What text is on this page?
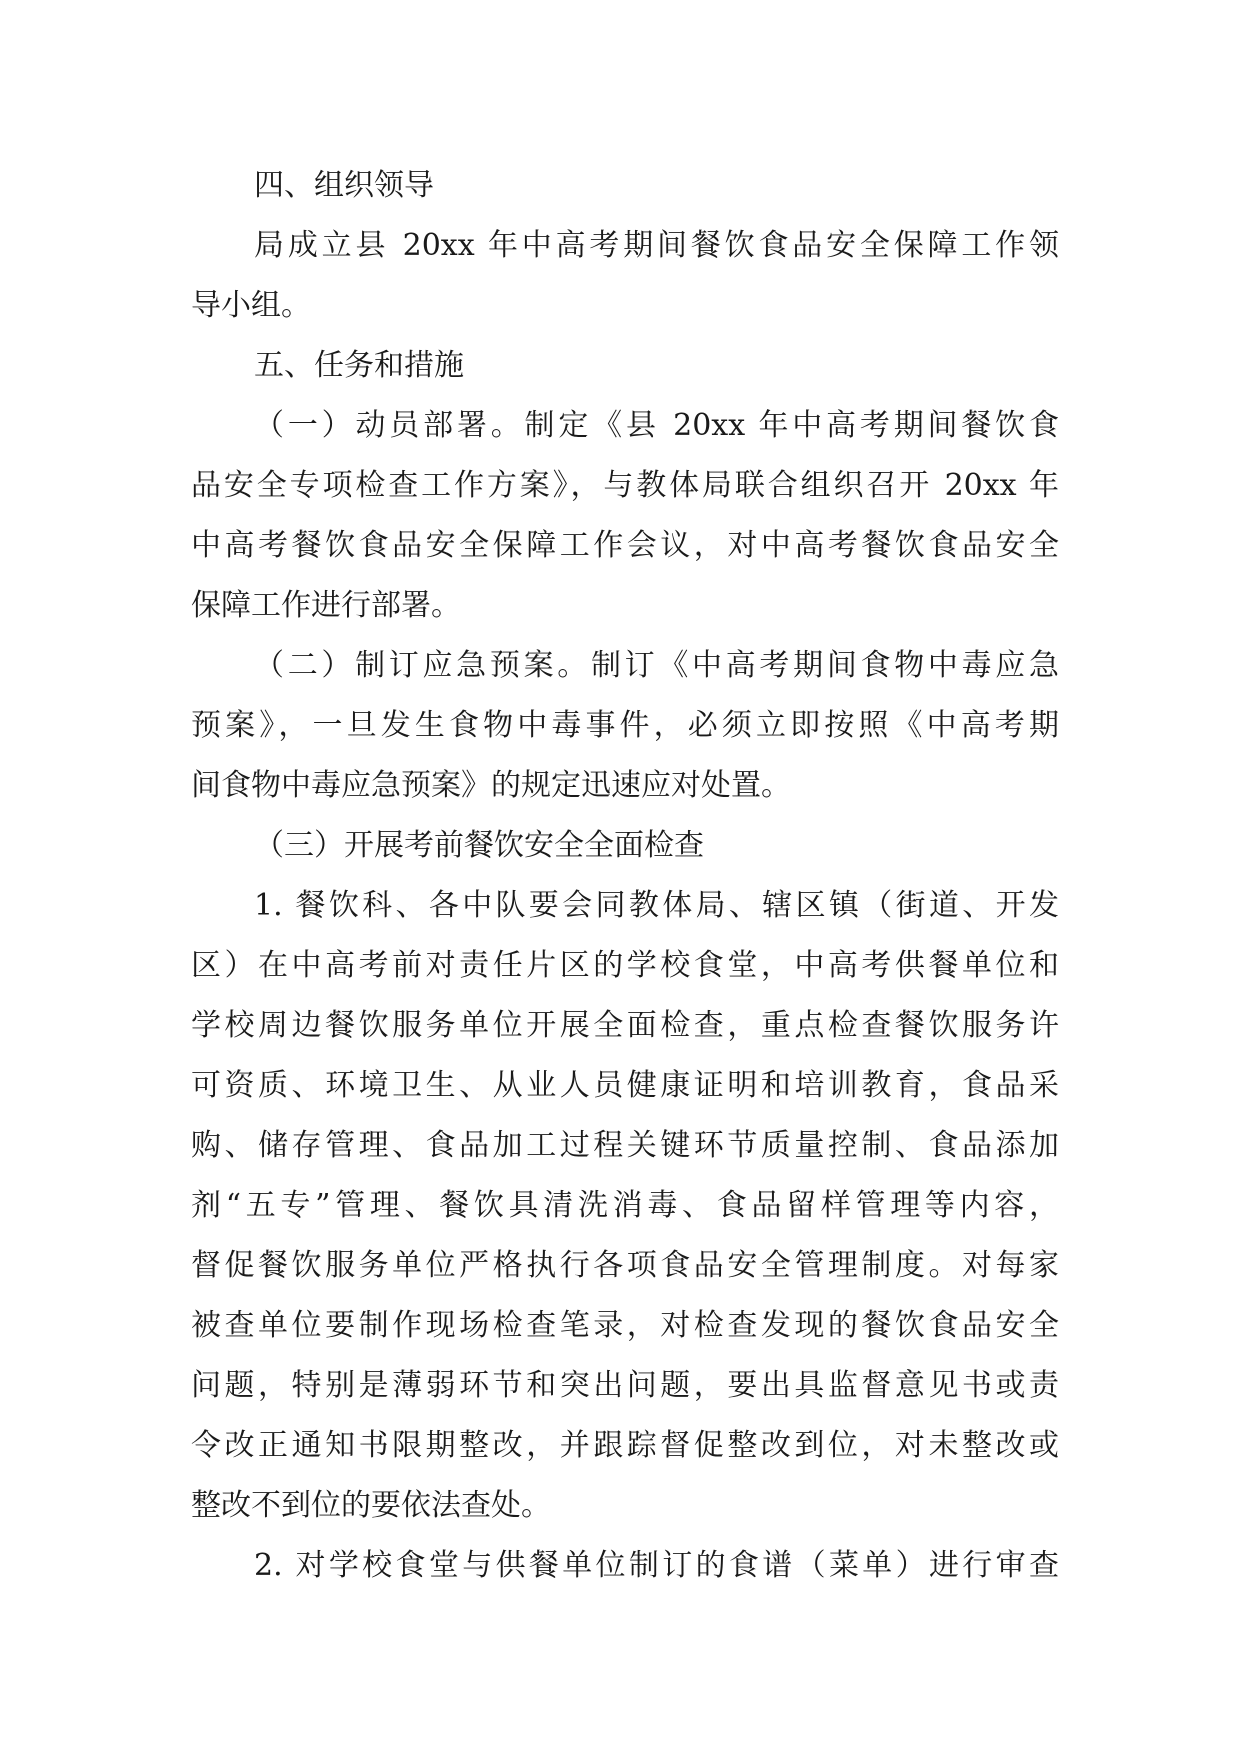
四、组织领导
局成立县 20xx 年中高考期间餐饮食品安全保障工作领
导小组。
五、任务和措施
（一）动员部署。制定《县 20xx 年中高考期间餐饮食
品安全专项检查工作方案》，与教体局联合组织召开 20xx 年
中高考餐饮食品安全保障工作会议，对中高考餐饮食品安全
保障工作进行部署。
（二）制订应急预案。制订《中高考期间食物中毒应急
预案》，一旦发生食物中毒事件，必须立即按照《中高考期
间食物中毒应急预案》的规定迅速应对处置。
（三）开展考前餐饮安全全面检查
1. 餐饮科、各中队要会同教体局、辖区镇（街道、开发
区）在中高考前对责任片区的学校食堂，中高考供餐单位和
学校周边餐饮服务单位开展全面检查，重点检查餐饮服务许
可资质、环境卫生、从业人员健康证明和培训教育，食品采
购、储存管理、食品加工过程关键环节质量控制、食品添加
剂“五专”管理、餐饮具清洗消毒、食品留样管理等内容，
督促餐饮服务单位严格执行各项食品安全管理制度。对每家
被查单位要制作现场检查笔录，对检查发现的餐饮食品安全
问题，特别是薄弱环节和突出问题，要出具监督意见书或责
令改正通知书限期整改，并跟踪督促整改到位，对未整改或
整改不到位的要依法查处。
2. 对学校食堂与供餐单位制订的食谱（菜单）进行审查
